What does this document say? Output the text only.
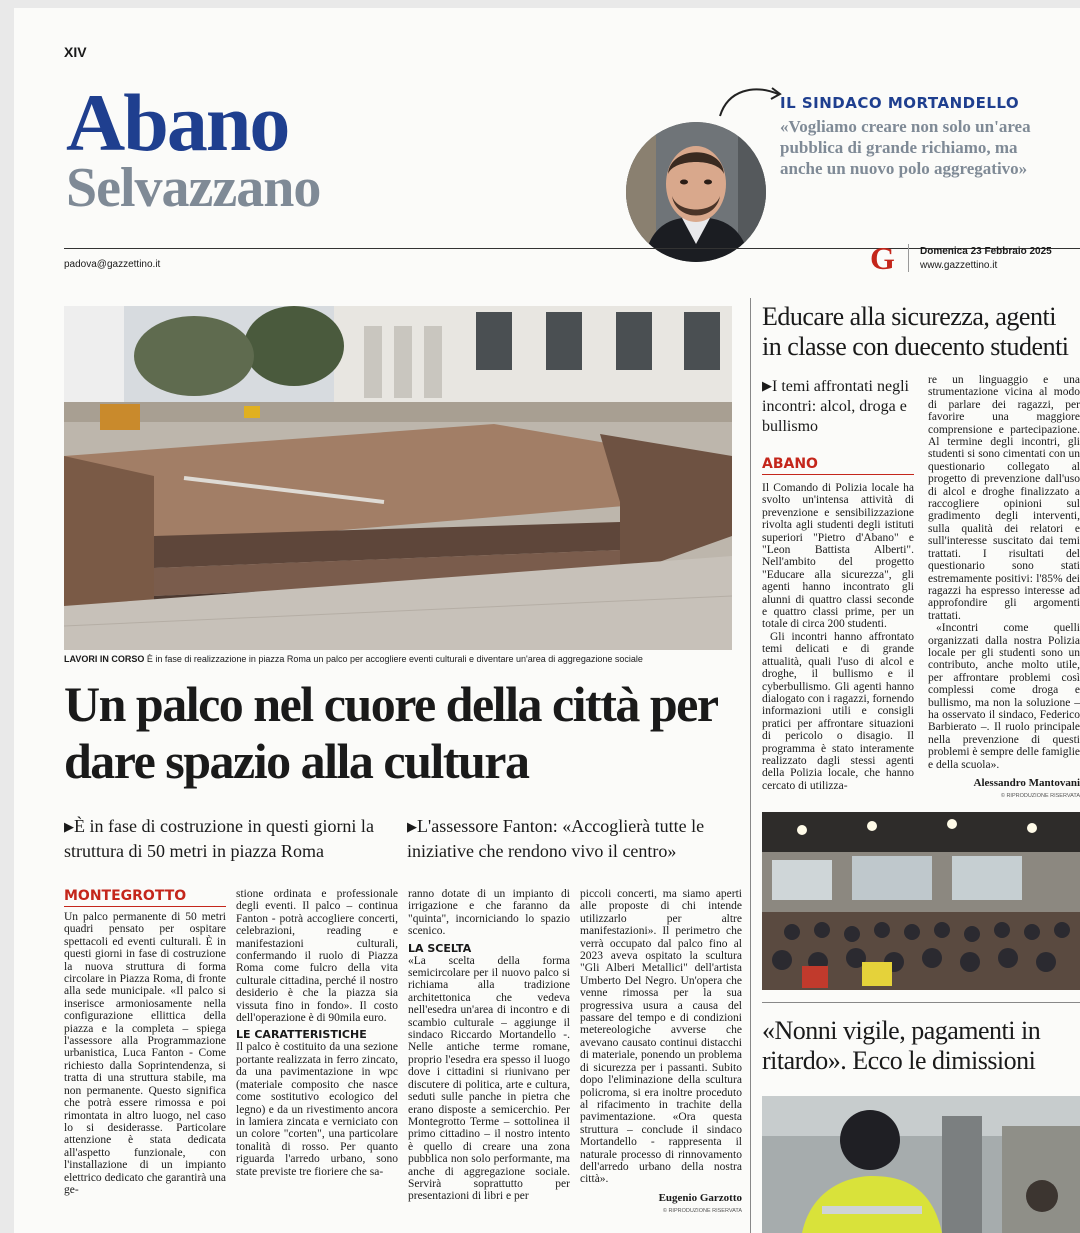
XIV
Abano
Selvazzano
IL SINDACO MORTANDELLO
«Vogliamo creare non solo un'area pubblica di grande richiamo, ma anche un nuovo polo aggregativo»
padova@gazzettino.it	G	Domenica 23 Febbraio 2025
www.gazzettino.it
LAVORI IN CORSO È in fase di realizzazione in piazza Roma un palco per accogliere eventi culturali e diventare un'area di aggregazione sociale
Un palco nel cuore della città per dare spazio alla cultura
▶È in fase di costruzione in questi giorni la struttura di 50 metri in piazza Roma
▶L'assessore Fanton: «Accoglierà tutte le iniziative che rendono vivo il centro»
MONTEGROTTO

Un palco permanente di 50 metri quadri pensato per ospitare spettacoli ed eventi culturali. È in questi giorni in fase di costruzione la nuova struttura di forma circolare in Piazza Roma, di fronte alla sede municipale. «Il palco si inserisce armoniosamente nella configurazione ellittica della piazza e la completa – spiega l'assessore alla Programmazione urbanistica, Luca Fanton - Come richiesto dalla Soprintendenza, si tratta di una struttura stabile, ma non permanente. Questo significa che potrà essere rimossa e poi rimontata in altro luogo, nel caso lo si desiderasse. Particolare attenzione è stata dedicata all'aspetto funzionale, con l'installazione di un impianto elettrico dedicato che garantirà una ge-

stione ordinata e professionale degli eventi. Il palco – continua Fanton - potrà accogliere concerti, celebrazioni, reading e manifestazioni culturali, confermando il ruolo di Piazza Roma come fulcro della vita culturale cittadina, perché il nostro desiderio è che la piazza sia vissuta fino in fondo». Il costo dell'operazione è di 90mila euro.

LE CARATTERISTICHE

Il palco è costituito da una sezione portante realizzata in ferro zincato, da una pavimentazione in wpc (materiale composito che nasce come sostitutivo ecologico del legno) e da un rivestimento ancora in lamiera zincata e verniciato con un colore "corten", una particolare tonalità di rosso. Per quanto riguarda l'arredo urbano, sono state previste tre fioriere che sa-

ranno dotate di un impianto di irrigazione e che faranno da "quinta", incorniciando lo spazio scenico.

LA SCELTA

«La scelta della forma semicircolare per il nuovo palco si richiama alla tradizione architettonica che vedeva nell'esedra un'area di incontro e di scambio culturale – aggiunge il sindaco Riccardo Mortandello -. Nelle antiche terme romane, proprio l'esedra era spesso il luogo dove i cittadini si riunivano per discutere di politica, arte e cultura, seduti sulle panche in pietra che erano disposte a semicerchio. Per Montegrotto Terme – sottolinea il primo cittadino – il nostro intento è quello di creare una zona pubblica non solo performante, ma anche di aggregazione sociale. Servirà soprattutto per presentazioni di libri e per

piccoli concerti, ma siamo aperti alle proposte di chi intende utilizzarlo per altre manifestazioni». Il perimetro che verrà occupato dal palco fino al 2023 aveva ospitato la scultura "Gli Alberi Metallici" dell'artista Umberto Del Negro. Un'opera che venne rimossa per la sua progressiva usura a causa del passare del tempo e di condizioni metereologiche avverse che avevano causato continui distacchi di materiale, ponendo un problema di sicurezza per i passanti. Subito dopo l'eliminazione della scultura policroma, si era inoltre proceduto al rifacimento in trachite della pavimentazione. «Ora questa struttura – conclude il sindaco Mortandello - rappresenta il naturale processo di rinnovamento dell'arredo urbano della nostra città».

Eugenio Garzotto
© RIPRODUZIONE RISERVATA
Educare alla sicurezza, agenti in classe con duecento studenti
▶I temi affrontati negli incontri: alcol, droga e bullismo
ABANO

Il Comando di Polizia locale ha svolto un'intensa attività di prevenzione e sensibilizzazione rivolta agli studenti degli istituti superiori "Pietro d'Abano" e "Leon Battista Alberti". Nell'ambito del progetto "Educare alla sicurezza", gli agenti hanno incontrato gli alunni di quattro classi seconde e quattro classi prime, per un totale di circa 200 studenti.

Gli incontri hanno affrontato temi delicati e di grande attualità, quali l'uso di alcol e droghe, il bullismo e il cyberbullismo. Gli agenti hanno dialogato con i ragazzi, fornendo informazioni utili e consigli pratici per affrontare situazioni di pericolo o disagio. Il programma è stato interamente realizzato dagli stessi agenti della Polizia locale, che hanno cercato di utilizza-

re un linguaggio e una strumentazione vicina al modo di parlare dei ragazzi, per favorire una maggiore comprensione e partecipazione. Al termine degli incontri, gli studenti si sono cimentati con un questionario collegato al progetto di prevenzione dall'uso di alcol e droghe finalizzato a raccogliere opinioni sul gradimento degli interventi, sulla qualità dei relatori e sull'interesse suscitato dai temi trattati. I risultati del questionario sono stati estremamente positivi: l'85% dei ragazzi ha espresso interesse ad approfondire gli argomenti trattati.

«Incontri come quelli organizzati dalla nostra Polizia locale per gli studenti sono un contributo, anche molto utile, per affrontare problemi così complessi come droga e bullismo, ma non la soluzione – ha osservato il sindaco, Federico Barbierato –. Il ruolo principale nella prevenzione di questi problemi è sempre delle famiglie e della scuola».

Alessandro Mantovani
© RIPRODUZIONE RISERVATA
«Nonni vigile, pagamenti in ritardo». Ecco le dimissioni
